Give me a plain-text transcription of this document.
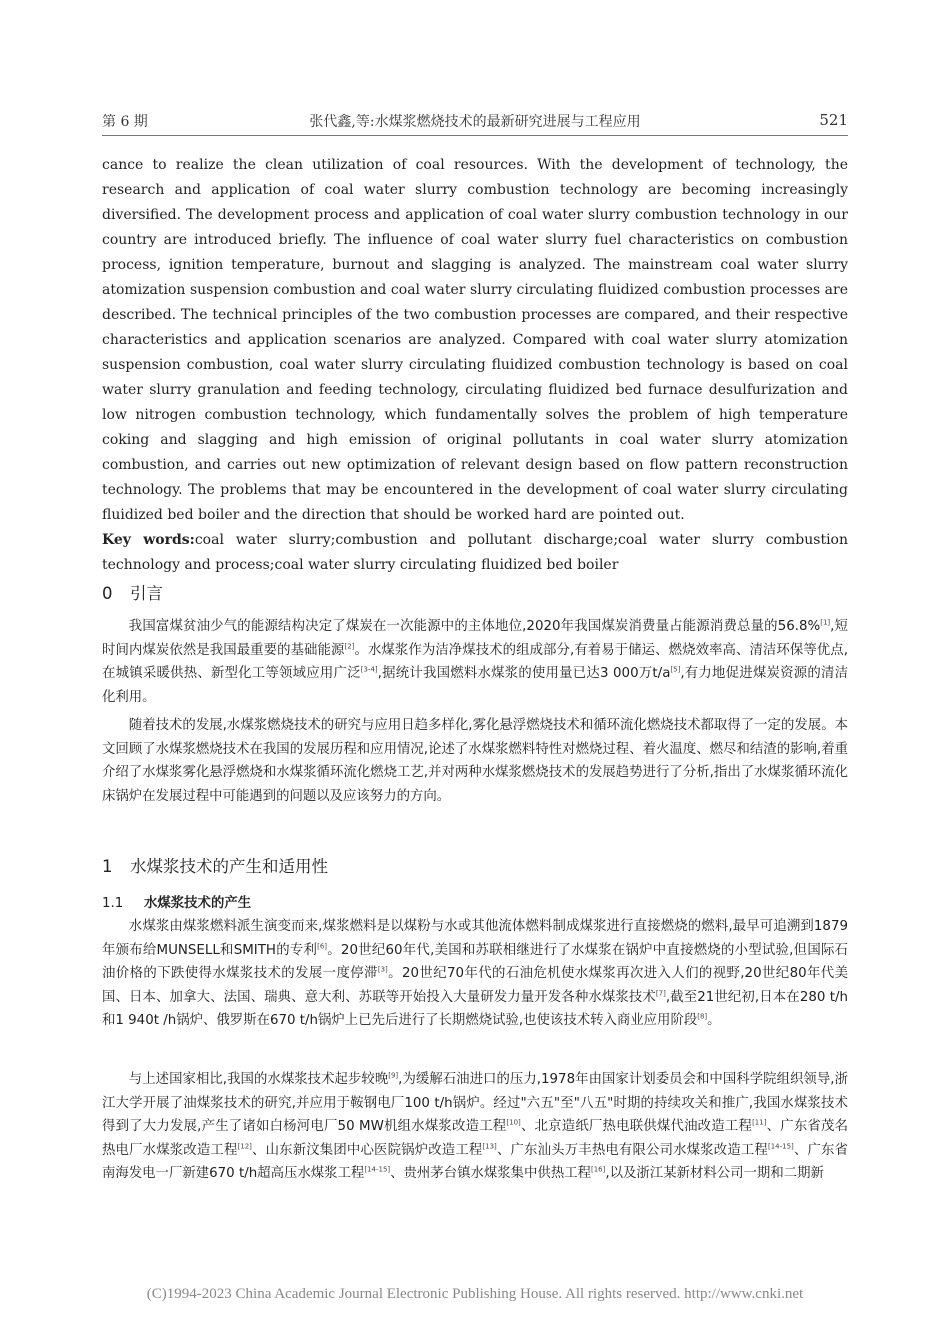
第 6 期	张代鑫,等:水煤浆燃烧技术的最新研究进展与工程应用	521

cance to realize the clean utilization of coal resources. With the development of technology, the research and application of coal water slurry combustion technology are becoming increasingly diversified. The development process and application of coal water slurry combustion technology in our country are introduced briefly. The influence of coal water slurry fuel characteristics on combustion process, ignition temperature, burnout and slagging is analyzed. The mainstream coal water slurry atomization suspension combustion and coal water slurry circulating fluidized combustion processes are described. The technical principles of the two combustion processes are compared, and their respective characteristics and application scenarios are analyzed. Compared with coal water slurry atomization suspension combustion, coal water slurry circulating fluidized combustion technology is based on coal water slurry granulation and feeding technology, circulating fluidized bed furnace desulfurization and low nitrogen combustion technology, which fundamentally solves the problem of high temperature coking and slagging and high emission of original pollutants in coal water slurry atomization combustion, and carries out new optimization of relevant design based on flow pattern reconstruction technology. The problems that may be encountered in the development of coal water slurry circulating fluidized bed boiler and the direction that should be worked hard are pointed out.

Key words:coal water slurry;combustion and pollutant discharge;coal water slurry combustion technology and process;coal water slurry circulating fluidized bed boiler

0 引言

我国富煤贫油少气的能源结构决定了煤炭在一次能源中的主体地位,2020年我国煤炭消费量占能源消费总量的56.8%[1],短时间内煤炭依然是我国最重要的基础能源[2]。水煤浆作为洁净煤技术的组成部分,有着易于储运、燃烧效率高、清洁环保等优点,在城镇采暖供热、新型化工等领域应用广泛[3-4],据统计我国燃料水煤浆的使用量已达3 000万t/a[5],有力地促进煤炭资源的清洁化利用。

随着技术的发展,水煤浆燃烧技术的研究与应用日趋多样化,雾化悬浮燃烧技术和循环流化燃烧技术都取得了一定的发展。本文回顾了水煤浆燃烧技术在我国的发展历程和应用情况,论述了水煤浆燃料特性对燃烧过程、着火温度、燃尽和结渣的影响,着重介绍了水煤浆雾化悬浮燃烧和水煤浆循环流化燃烧工艺,并对两种水煤浆燃烧技术的发展趋势进行了分析,指出了水煤浆循环流化床锅炉在发展过程中可能遇到的问题以及应该努力的方向。

1 水煤浆技术的产生和适用性
1.1 水煤浆技术的产生

水煤浆由煤浆燃料派生演变而来,煤浆燃料是以煤粉与水或其他流体燃料制成煤浆进行直接燃烧的燃料,最早可追溯到1879年颁布给MUNSELL和SMITH的专利[6]。20世纪60年代,美国和苏联相继进行了水煤浆在锅炉中直接燃烧的小型试验,但国际石油价格的下跌使得水煤浆技术的发展一度停滞[3]。20世纪70年代的石油危机使水煤浆再次进入人们的视野,20世纪80年代美国、日本、加拿大、法国、瑞典、意大利、苏联等开始投入大量研发力量开发各种水煤浆技术[7],截至21世纪初,日本在280 t/h和1 940t /h锅炉、俄罗斯在670 t/h锅炉上已先后进行了长期燃烧试验,也使该技术转入商业应用阶段[8]。

与上述国家相比,我国的水煤浆技术起步较晚[9],为缓解石油进口的压力,1978年由国家计划委员会和中国科学院组织领导,浙江大学开展了油煤浆技术的研究,并应用于鞍钢电厂100 t/h锅炉。经过"六五"至"八五"时期的持续攻关和推广,我国水煤浆技术得到了大力发展,产生了诸如白杨河电厂50 MW机组水煤浆改造工程[10]、北京造纸厂热电联供煤代油改造工程[11]、广东省茂名热电厂水煤浆改造工程[12]、山东新汶集团中心医院锅炉改造工程[13]、广东汕头万丰热电有限公司水煤浆改造工程[14-15]、广东省南海发电一厂新建670 t/h超高压水煤浆工程[14-15]、贵州茅台镇水煤浆集中供热工程[16],以及浙江某新材料公司一期和二期新

(C)1994-2023 China Academic Journal Electronic Publishing House. All rights reserved. http://www.cnki.net
